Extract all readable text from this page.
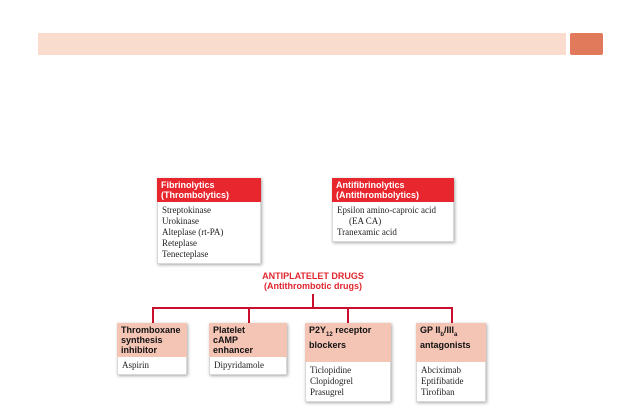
Fibrinolytics
(Thrombolytics)
Streptokinase
Urokinase
Alteplase (rt-PA)
Reteplase
Tenecteplase
Antifibrinolytics
(Antithrombolytics)
Epsilon amino-caproic acid
(EA CA)
Tranexamic acid
ANTIPLATELET DRUGS
(Antithrombotic drugs)
Thromboxane
synthesis
inhibitor
Aspirin
Platelet
cAMP
enhancer
Dipyridamole
$P2Y_{12}$ receptor
blockers
Ticlopidine
Clopidogrel
Prasugrel
GP $II_b/III_a$
antagonists
Abciximab
Eptifibatide
Tirofiban
